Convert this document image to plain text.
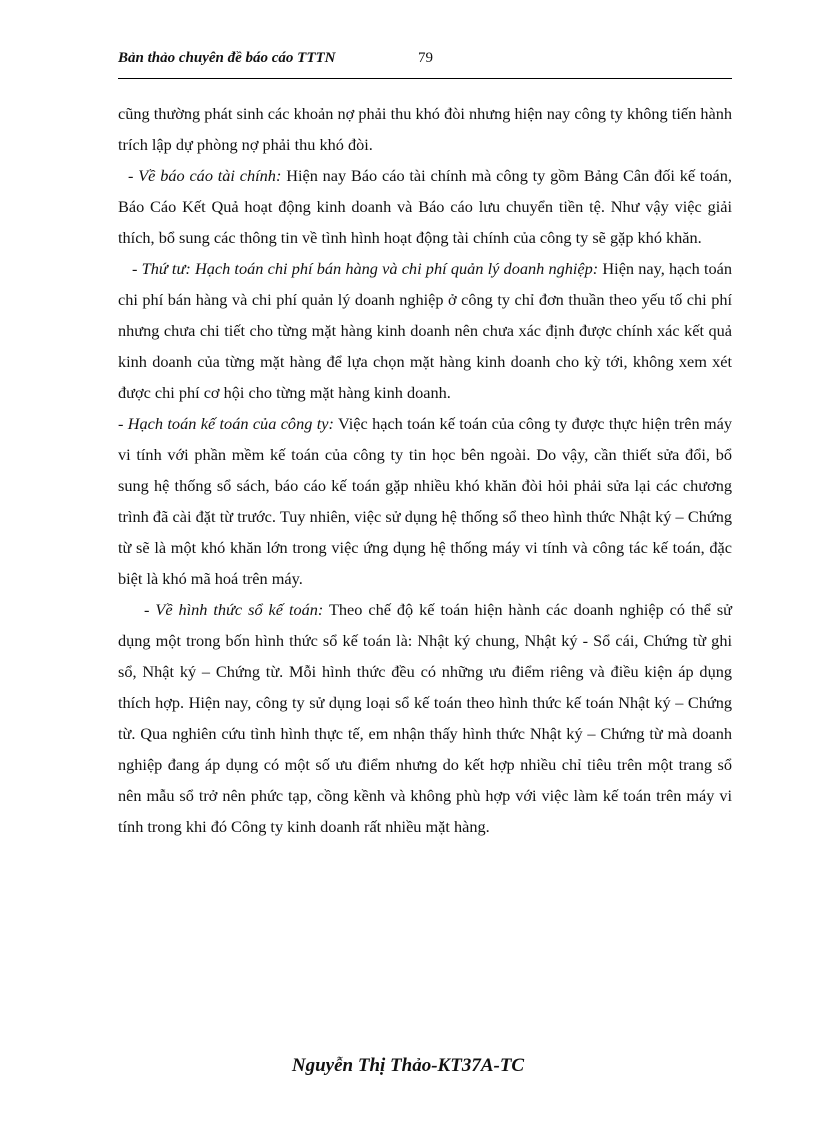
Bản thảo chuyên đề báo cáo TTTN	79

cũng thường phát sinh các khoản nợ phải thu khó đòi nhưng hiện nay công ty không tiến hành trích lập dự phòng nợ phải thu khó đòi.

- Về báo cáo tài chính: Hiện nay Báo cáo tài chính mà công ty gồm Bảng Cân đối kế toán, Báo Cáo Kết Quả hoạt động kinh doanh và Báo cáo lưu chuyển tiền tệ. Như vậy việc giải thích, bổ sung các thông tin về tình hình hoạt động tài chính của công ty sẽ gặp khó khăn.

- Thứ tư: Hạch toán chi phí bán hàng và chi phí quản lý doanh nghiệp: Hiện nay, hạch toán chi phí bán hàng và chi phí quản lý doanh nghiệp ở công ty chỉ đơn thuần theo yếu tố chi phí nhưng chưa chi tiết cho từng mặt hàng kinh doanh nên chưa xác định được chính xác kết quả kinh doanh của từng mặt hàng để lựa chọn mặt hàng kinh doanh cho kỳ tới, không xem xét được chi phí cơ hội cho từng mặt hàng kinh doanh.

- Hạch toán kế toán của công ty: Việc hạch toán kế toán của công ty được thực hiện trên máy vi tính với phần mềm kế toán của công ty tin học bên ngoài. Do vậy, cần thiết sửa đổi, bổ sung hệ thống sổ sách, báo cáo kế toán gặp nhiều khó khăn đòi hỏi phải sửa lại các chương trình đã cài đặt từ trước. Tuy nhiên, việc sử dụng hệ thống sổ theo hình thức Nhật ký – Chứng từ sẽ là một khó khăn lớn trong việc ứng dụng hệ thống máy vi tính và công tác kế toán, đặc biệt là khó mã hoá trên máy.

- Về hình thức sổ kế toán: Theo chế độ kế toán hiện hành các doanh nghiệp có thể sử dụng một trong bốn hình thức sổ kế toán là: Nhật ký chung, Nhật ký - Sổ cái, Chứng từ ghi sổ, Nhật ký – Chứng từ. Mỗi hình thức đều có những ưu điểm riêng và điều kiện áp dụng thích hợp. Hiện nay, công ty sử dụng loại sổ kế toán theo hình thức kế toán Nhật ký – Chứng từ. Qua nghiên cứu tình hình thực tế, em nhận thấy hình thức Nhật ký – Chứng từ mà doanh nghiệp đang áp dụng có một số ưu điểm nhưng do kết hợp nhiều chỉ tiêu trên một trang sổ nên mẫu sổ trở nên phức tạp, cồng kềnh và không phù hợp với việc làm kế toán trên máy vi tính trong khi đó Công ty kinh doanh rất nhiều mặt hàng.

Nguyễn Thị Thảo-KT37A-TC
